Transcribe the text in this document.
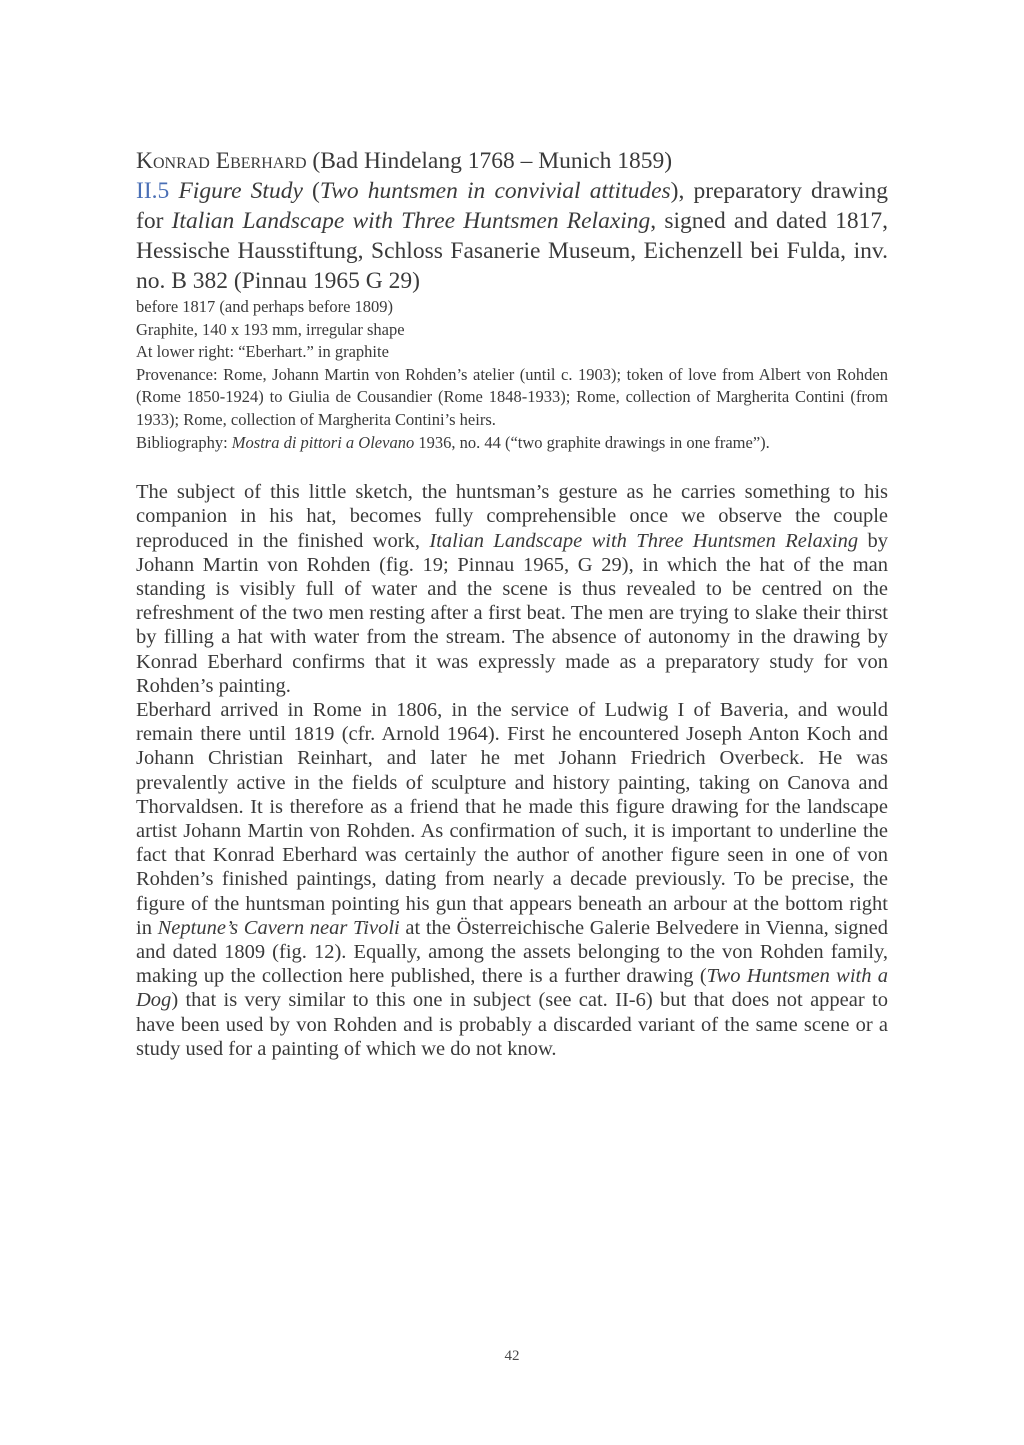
Konrad Eberhard (Bad Hindelang 1768 – Munich 1859)
II.5 Figure Study (Two huntsmen in convivial attitudes), preparatory drawing for Italian Landscape with Three Huntsmen Relaxing, signed and dated 1817, Hessische Hausstiftung, Schloss Fasanerie Museum, Eichenzell bei Fulda, inv. no. B 382 (Pinnau 1965 G 29)

before 1817 (and perhaps before 1809)

Graphite, 140 x 193 mm, irregular shape

At lower right: “Eberhart.” in graphite

Provenance: Rome, Johann Martin von Rohden’s atelier (until c. 1903); token of love from Albert von Rohden (Rome 1850-1924) to Giulia de Cousandier (Rome 1848-1933); Rome, collection of Margherita Contini (from 1933); Rome, collection of Margherita Contini’s heirs.

Bibliography: Mostra di pittori a Olevano 1936, no. 44 (“two graphite drawings in one frame”).

The subject of this little sketch, the huntsman’s gesture as he carries something to his companion in his hat, becomes fully comprehensible once we observe the couple reproduced in the finished work, Italian Landscape with Three Huntsmen Relaxing by Johann Martin von Rohden (fig. 19; Pinnau 1965, G 29), in which the hat of the man standing is visibly full of water and the scene is thus revealed to be centred on the refreshment of the two men resting after a first beat. The men are trying to slake their thirst by filling a hat with water from the stream. The absence of autonomy in the drawing by Konrad Eberhard confirms that it was expressly made as a preparatory study for von Rohden’s painting.

Eberhard arrived in Rome in 1806, in the service of Ludwig I of Baveria, and would remain there until 1819 (cfr. Arnold 1964). First he encountered Joseph Anton Koch and Johann Christian Reinhart, and later he met Johann Friedrich Overbeck. He was prevalently active in the fields of sculpture and history painting, taking on Canova and Thorvaldsen. It is therefore as a friend that he made this figure drawing for the landscape artist Johann Martin von Rohden. As confirmation of such, it is important to underline the fact that Konrad Eberhard was certainly the author of another figure seen in one of von Rohden’s finished paintings, dating from nearly a decade previously. To be precise, the figure of the huntsman pointing his gun that appears beneath an arbour at the bottom right in Neptune’s Cavern near Tivoli at the Österreichische Galerie Belvedere in Vienna, signed and dated 1809 (fig. 12). Equally, among the assets belonging to the von Rohden family, making up the collection here published, there is a further drawing (Two Huntsmen with a Dog) that is very similar to this one in subject (see cat. II-6) but that does not appear to have been used by von Rohden and is probably a discarded variant of the same scene or a study used for a painting of which we do not know.

42
